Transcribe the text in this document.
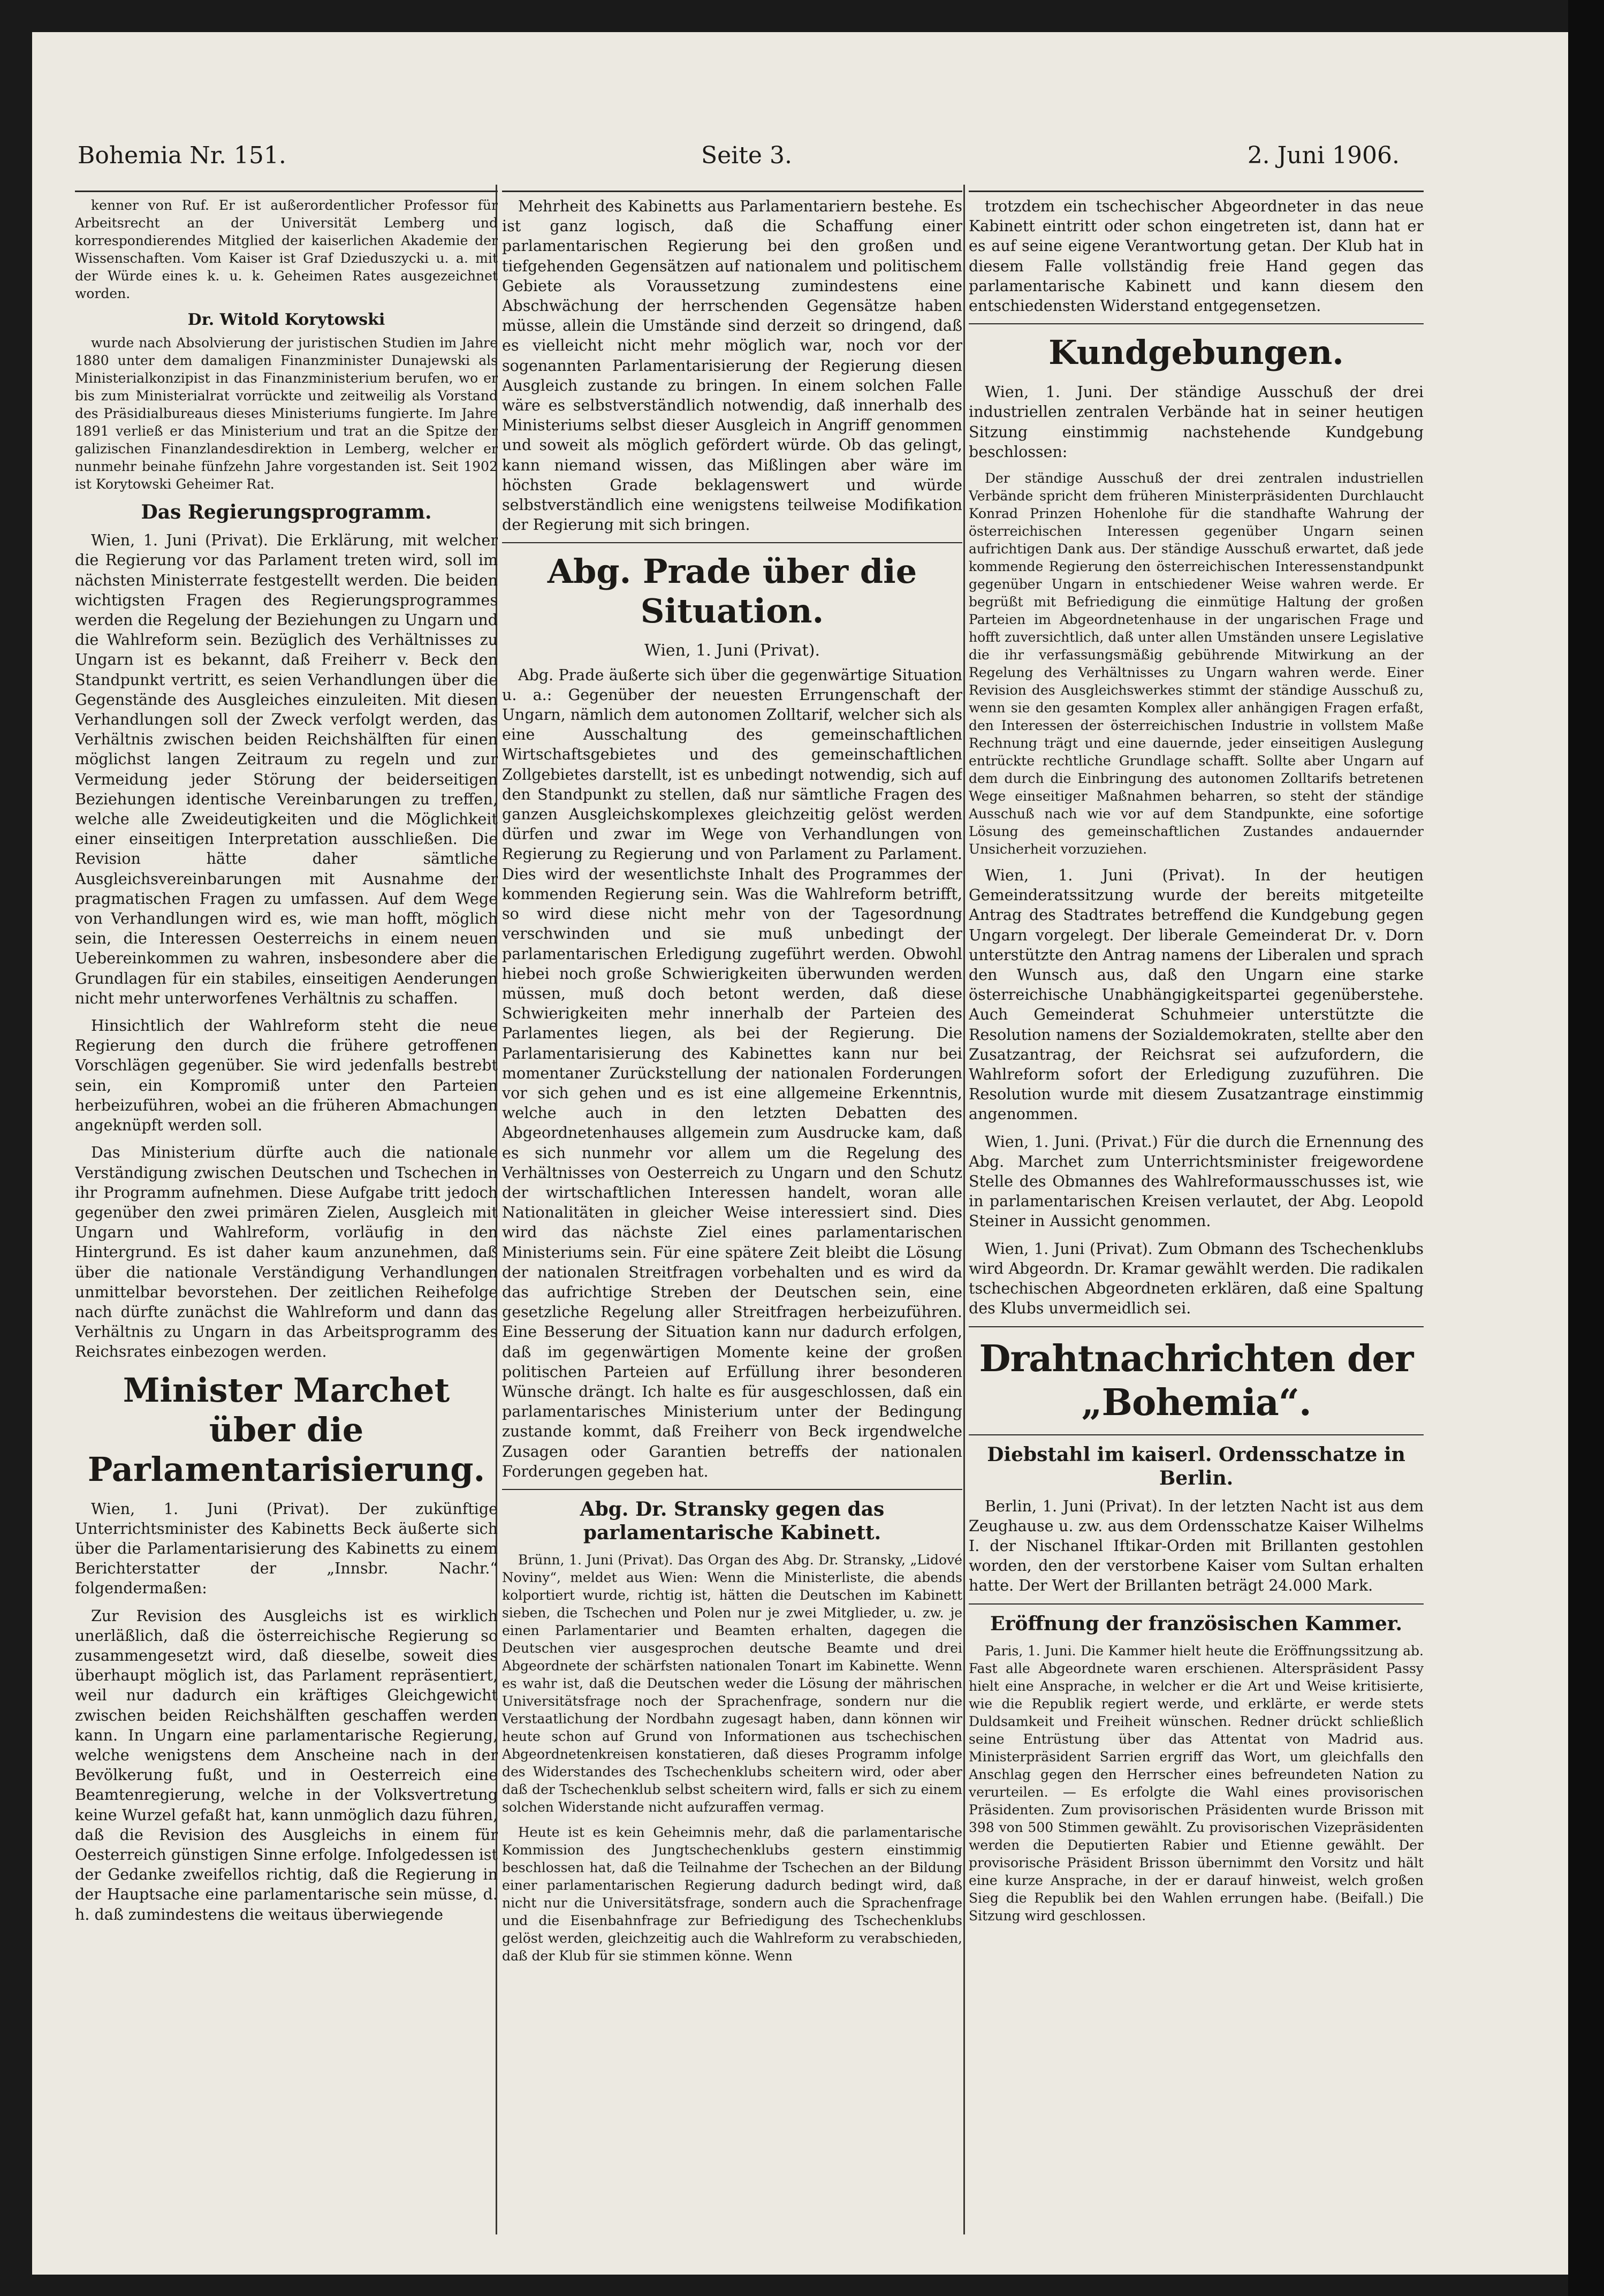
Bohemia Nr. 151.	Seite 3.	2. Juni 1906.

kenner von Ruf. Er ist außerordentlicher Professor für Arbeitsrecht an der Universität Lemberg und korrespondierendes Mitglied der kaiserlichen Akademie der Wissenschaften. Vom Kaiser ist Graf Dzieduszycki u. a. mit der Würde eines k. u. k. Geheimen Rates ausgezeichnet worden.

Dr. Witold Korytowski

wurde nach Absolvierung der juristischen Studien im Jahre 1880 unter dem damaligen Finanzminister Dunajewski als Ministerialkonzipist in das Finanzministerium berufen, wo er bis zum Ministerialrat vorrückte und zeitweilig als Vorstand des Präsidialbureaus dieses Ministeriums fungierte. Im Jahre 1891 verließ er das Ministerium und trat an die Spitze der galizischen Finanzlandesdirektion in Lemberg, welcher er nunmehr beinahe fünfzehn Jahre vorgestanden ist. Seit 1902 ist Korytowski Geheimer Rat.

Das Regierungsprogramm.

Wien, 1. Juni (Privat). Die Erklärung, mit welcher die Regierung vor das Parlament treten wird, soll im nächsten Ministerrate festgestellt werden. Die beiden wichtigsten Fragen des Regierungsprogrammes werden die Regelung der Beziehungen zu Ungarn und die Wahlreform sein. Bezüglich des Verhältnisses zu Ungarn ist es bekannt, daß Freiherr v. Beck den Standpunkt vertritt, es seien Verhandlungen über die Gegenstände des Ausgleiches einzuleiten. Mit diesen Verhandlungen soll der Zweck verfolgt werden, das Verhältnis zwischen beiden Reichshälften für einen möglichst langen Zeitraum zu regeln und zur Vermeidung jeder Störung der beiderseitigen Beziehungen identische Vereinbarungen zu treffen, welche alle Zweideutigkeiten und die Möglichkeit einer einseitigen Interpretation ausschließen. Die Revision hätte daher sämtliche Ausgleichsvereinbarungen mit Ausnahme der pragmatischen Fragen zu umfassen. Auf dem Wege von Verhandlungen wird es, wie man hofft, möglich sein, die Interessen Oesterreichs in einem neuen Uebereinkommen zu wahren, insbesondere aber die Grundlagen für ein stabiles, einseitigen Aenderungen nicht mehr unterworfenes Verhältnis zu schaffen.

Hinsichtlich der Wahlreform steht die neue Regierung den durch die frühere getroffenen Vorschlägen gegenüber. Sie wird jedenfalls bestrebt sein, ein Kompromiß unter den Parteien herbeizuführen, wobei an die früheren Abmachungen angeknüpft werden soll.

Das Ministerium dürfte auch die nationale Verständigung zwischen Deutschen und Tschechen in ihr Programm aufnehmen. Diese Aufgabe tritt jedoch gegenüber den zwei primären Zielen, Ausgleich mit Ungarn und Wahlreform, vorläufig in den Hintergrund. Es ist daher kaum anzunehmen, daß über die nationale Verständigung Verhandlungen unmittelbar bevorstehen. Der zeitlichen Reihefolge nach dürfte zunächst die Wahlreform und dann das Verhältnis zu Ungarn in das Arbeitsprogramm des Reichsrates einbezogen werden.

Minister Marchet über die Parlamentarisierung.

Wien, 1. Juni (Privat). Der zukünftige Unterrichtsminister des Kabinetts Beck äußerte sich über die Parlamentarisierung des Kabinetts zu einem Berichterstatter der „Innsbr. Nachr.“ folgendermaßen:

Zur Revision des Ausgleichs ist es wirklich unerläßlich, daß die österreichische Regierung so zusammengesetzt wird, daß dieselbe, soweit dies überhaupt möglich ist, das Parlament repräsentiert, weil nur dadurch ein kräftiges Gleichgewicht zwischen beiden Reichshälften geschaffen werden kann. In Ungarn eine parlamentarische Regierung, welche wenigstens dem Anscheine nach in der Bevölkerung fußt, und in Oesterreich eine Beamtenregierung, welche in der Volksvertretung keine Wurzel gefaßt hat, kann unmöglich dazu führen, daß die Revision des Ausgleichs in einem für Oesterreich günstigen Sinne erfolge. Infolgedessen ist der Gedanke zweifellos richtig, daß die Regierung in der Hauptsache eine parlamentarische sein müsse, d. h. daß zumindestens die weitaus überwiegende

Mehrheit des Kabinetts aus Parlamentariern bestehe. Es ist ganz logisch, daß die Schaffung einer parlamentarischen Regierung bei den großen und tiefgehenden Gegensätzen auf nationalem und politischem Gebiete als Voraussetzung zumindestens eine Abschwächung der herrschenden Gegensätze haben müsse, allein die Umstände sind derzeit so dringend, daß es vielleicht nicht mehr möglich war, noch vor der sogenannten Parlamentarisierung der Regierung diesen Ausgleich zustande zu bringen. In einem solchen Falle wäre es selbstverständlich notwendig, daß innerhalb des Ministeriums selbst dieser Ausgleich in Angriff genommen und soweit als möglich gefördert würde. Ob das gelingt, kann niemand wissen, das Mißlingen aber wäre im höchsten Grade beklagenswert und würde selbstverständlich eine wenigstens teilweise Modifikation der Regierung mit sich bringen.

Abg. Prade über die Situation.
Wien, 1. Juni (Privat).

Abg. Prade äußerte sich über die gegenwärtige Situation u. a.: Gegenüber der neuesten Errungenschaft der Ungarn, nämlich dem autonomen Zolltarif, welcher sich als eine Ausschaltung des gemeinschaftlichen Wirtschaftsgebietes und des gemeinschaftlichen Zollgebietes darstellt, ist es unbedingt notwendig, sich auf den Standpunkt zu stellen, daß nur sämtliche Fragen des ganzen Ausgleichskomplexes gleichzeitig gelöst werden dürfen und zwar im Wege von Verhandlungen von Regierung zu Regierung und von Parlament zu Parlament. Dies wird der wesentlichste Inhalt des Programmes der kommenden Regierung sein. Was die Wahlreform betrifft, so wird diese nicht mehr von der Tagesordnung verschwinden und sie muß unbedingt der parlamentarischen Erledigung zugeführt werden. Obwohl hiebei noch große Schwierigkeiten überwunden werden müssen, muß doch betont werden, daß diese Schwierigkeiten mehr innerhalb der Parteien des Parlamentes liegen, als bei der Regierung. Die Parlamentarisierung des Kabinettes kann nur bei momentaner Zurückstellung der nationalen Forderungen vor sich gehen und es ist eine allgemeine Erkenntnis, welche auch in den letzten Debatten des Abgeordnetenhauses allgemein zum Ausdrucke kam, daß es sich nunmehr vor allem um die Regelung des Verhältnisses von Oesterreich zu Ungarn und den Schutz der wirtschaftlichen Interessen handelt, woran alle Nationalitäten in gleicher Weise interessiert sind. Dies wird das nächste Ziel eines parlamentarischen Ministeriums sein. Für eine spätere Zeit bleibt die Lösung der nationalen Streitfragen vorbehalten und es wird da das aufrichtige Streben der Deutschen sein, eine gesetzliche Regelung aller Streitfragen herbeizuführen. Eine Besserung der Situation kann nur dadurch erfolgen, daß im gegenwärtigen Momente keine der großen politischen Parteien auf Erfüllung ihrer besonderen Wünsche drängt. Ich halte es für ausgeschlossen, daß ein parlamentarisches Ministerium unter der Bedingung zustande kommt, daß Freiherr von Beck irgendwelche Zusagen oder Garantien betreffs der nationalen Forderungen gegeben hat.

Abg. Dr. Stransky gegen das parlamentarische Kabinett.

Brünn, 1. Juni (Privat). Das Organ des Abg. Dr. Stransky, „Lidové Noviny“, meldet aus Wien: Wenn die Ministerliste, die abends kolportiert wurde, richtig ist, hätten die Deutschen im Kabinett sieben, die Tschechen und Polen nur je zwei Mitglieder, u. zw. je einen Parlamentarier und Beamten erhalten, dagegen die Deutschen vier ausgesprochen deutsche Beamte und drei Abgeordnete der schärfsten nationalen Tonart im Kabinette. Wenn es wahr ist, daß die Deutschen weder die Lösung der mährischen Universitätsfrage noch der Sprachenfrage, sondern nur die Verstaatlichung der Nordbahn zugesagt haben, dann können wir heute schon auf Grund von Informationen aus tschechischen Abgeordnetenkreisen konstatieren, daß dieses Programm infolge des Widerstandes des Tschechenklubs scheitern wird, oder aber daß der Tschechenklub selbst scheitern wird, falls er sich zu einem solchen Widerstande nicht aufzuraffen vermag.

Heute ist es kein Geheimnis mehr, daß die parlamentarische Kommission des Jungtschechenklubs gestern einstimmig beschlossen hat, daß die Teilnahme der Tschechen an der Bildung einer parlamentarischen Regierung dadurch bedingt wird, daß nicht nur die Universitätsfrage, sondern auch die Sprachenfrage und die Eisenbahnfrage zur Befriedigung des Tschechenklubs gelöst werden, gleichzeitig auch die Wahlreform zu verabschieden, daß der Klub für sie stimmen könne. Wenn

trotzdem ein tschechischer Abgeordneter in das neue Kabinett eintritt oder schon eingetreten ist, dann hat er es auf seine eigene Verantwortung getan. Der Klub hat in diesem Falle vollständig freie Hand gegen das parlamentarische Kabinett und kann diesem den entschiedensten Widerstand entgegensetzen.

Kundgebungen.

Wien, 1. Juni. Der ständige Ausschuß der drei industriellen zentralen Verbände hat in seiner heutigen Sitzung einstimmig nachstehende Kundgebung beschlossen:

Der ständige Ausschuß der drei zentralen industriellen Verbände spricht dem früheren Ministerpräsidenten Durchlaucht Konrad Prinzen Hohenlohe für die standhafte Wahrung der österreichischen Interessen gegenüber Ungarn seinen aufrichtigen Dank aus. Der ständige Ausschuß erwartet, daß jede kommende Regierung den österreichischen Interessenstandpunkt gegenüber Ungarn in entschiedener Weise wahren werde. Er begrüßt mit Befriedigung die einmütige Haltung der großen Parteien im Abgeordnetenhause in der ungarischen Frage und hofft zuversichtlich, daß unter allen Umständen unsere Legislative die ihr verfassungsmäßig gebührende Mitwirkung an der Regelung des Verhältnisses zu Ungarn wahren werde. Einer Revision des Ausgleichswerkes stimmt der ständige Ausschuß zu, wenn sie den gesamten Komplex aller anhängigen Fragen erfaßt, den Interessen der österreichischen Industrie in vollstem Maße Rechnung trägt und eine dauernde, jeder einseitigen Auslegung entrückte rechtliche Grundlage schafft. Sollte aber Ungarn auf dem durch die Einbringung des autonomen Zolltarifs betretenen Wege einseitiger Maßnahmen beharren, so steht der ständige Ausschuß nach wie vor auf dem Standpunkte, eine sofortige Lösung des gemeinschaftlichen Zustandes andauernder Unsicherheit vorzuziehen.

Wien, 1. Juni (Privat). In der heutigen Gemeinderatssitzung wurde der bereits mitgeteilte Antrag des Stadtrates betreffend die Kundgebung gegen Ungarn vorgelegt. Der liberale Gemeinderat Dr. v. Dorn unterstützte den Antrag namens der Liberalen und sprach den Wunsch aus, daß den Ungarn eine starke österreichische Unabhängigkeitspartei gegenüberstehe. Auch Gemeinderat Schuhmeier unterstützte die Resolution namens der Sozialdemokraten, stellte aber den Zusatzantrag, der Reichsrat sei aufzufordern, die Wahlreform sofort der Erledigung zuzuführen. Die Resolution wurde mit diesem Zusatzantrage einstimmig angenommen.

Wien, 1. Juni. (Privat.) Für die durch die Ernennung des Abg. Marchet zum Unterrichtsminister freigewordene Stelle des Obmannes des Wahlreformausschusses ist, wie in parlamentarischen Kreisen verlautet, der Abg. Leopold Steiner in Aussicht genommen.

Wien, 1. Juni (Privat). Zum Obmann des Tschechenklubs wird Abgeordn. Dr. Kramar gewählt werden. Die radikalen tschechischen Abgeordneten erklären, daß eine Spaltung des Klubs unvermeidlich sei.

Drahtnachrichten der „Bohemia“.
Diebstahl im kaiserl. Ordensschatze in Berlin.

Berlin, 1. Juni (Privat). In der letzten Nacht ist aus dem Zeughause u. zw. aus dem Ordensschatze Kaiser Wilhelms I. der Nischanel Iftikar-Orden mit Brillanten gestohlen worden, den der verstorbene Kaiser vom Sultan erhalten hatte. Der Wert der Brillanten beträgt 24.000 Mark.

Eröffnung der französischen Kammer.

Paris, 1. Juni. Die Kammer hielt heute die Eröffnungssitzung ab. Fast alle Abgeordnete waren erschienen. Alterspräsident Passy hielt eine Ansprache, in welcher er die Art und Weise kritisierte, wie die Republik regiert werde, und erklärte, er werde stets Duldsamkeit und Freiheit wünschen. Redner drückt schließlich seine Entrüstung über das Attentat von Madrid aus. Ministerpräsident Sarrien ergriff das Wort, um gleichfalls den Anschlag gegen den Herrscher eines befreundeten Nation zu verurteilen. — Es erfolgte die Wahl eines provisorischen Präsidenten. Zum provisorischen Präsidenten wurde Brisson mit 398 von 500 Stimmen gewählt. Zu provisorischen Vizepräsidenten werden die Deputierten Rabier und Etienne gewählt. Der provisorische Präsident Brisson übernimmt den Vorsitz und hält eine kurze Ansprache, in der er darauf hinweist, welch großen Sieg die Republik bei den Wahlen errungen habe. (Beifall.) Die Sitzung wird geschlossen.
